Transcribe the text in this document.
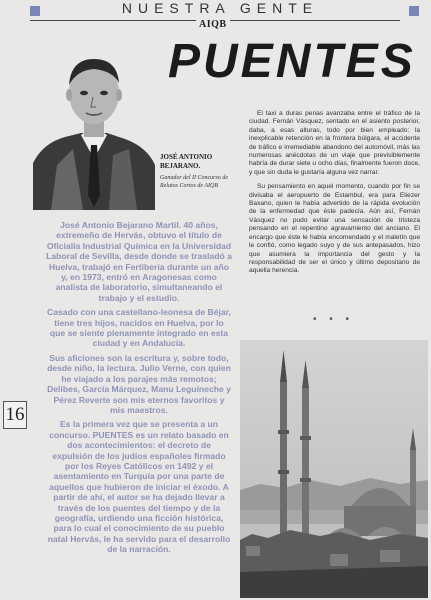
NUESTRA GENTE
AIQB
PUENTES
JOSÉ ANTONIO BEJARANO.
Ganador del II Concurso de Relatos Cortos de AIQB

José Antonio Bejarano Martil. 40 años, extremeño de Hervás, obtuvo el título de Oficialía Industrial Química en la Universidad Laboral de Sevilla, desde donde se trasladó a Huelva, trabajó en Fertiberia durante un año y, en 1973, entró en Aragonesas como analista de laboratorio, simultaneando el trabajo y el estudio.

Casado con una castellano-leonesa de Béjar, tiene tres hijos, nacidos en Huelva, por lo que se siente plenamente integrado en esta ciudad y en Andalucía.

Sus aficiones son la escritura y, sobre todo, desde niño, la lectura. Julio Verne, con quien he viajado a los parajes más remotos; Delibes, García Márquez, Manu Leguineche y Pérez Reverte son mis eternos favoritos y mis maestros.

Es la primera vez que se presenta a un concurso. PUENTES es un relato basado en dos acontecimientos: el decreto de expulsión de los judíos españoles firmado por los Reyes Católicos en 1492 y el asentamiento en Turquía por una parte de aquellos que hubieron de iniciar el éxodo. A partir de ahí, el autor se ha dejado llevar a través de los puentes del tiempo y de la geografía, urdiendo una ficción histórica, para lo cual el conocimiento de su pueblo natal Hervás, le ha servido para el desarrollo de la narración.

16

El taxi a duras penas avanzaba entre el tráfico de la ciudad. Fernán Vásquez, sentado en el asiento posterior, daba, a esas alturas, todo por bien empleado: la inexplicable retención en la frontera búlgara, el accidente de tráfico e irremediable abandono del automóvil, más las numerosas anécdotas de un viaje que previsiblemente habría de durar siete u ocho días, finalmente fueron doce, y que sin duda le gustaría alguna vez narrar.

Su pensamiento en aquel momento, cuando por fin se divisaba el aeropuerto de Estambul, era para Eliezer Baxano, quien le había advertido de la rápida evolución de la enfermedad que éste padecía. Aún así, Fernán Vásquez no pudo evitar una sensación de tristeza pensando en el repentino agravamiento del anciano. El encargo que éste le había encomendado y el maletín que le confió, como legado suyo y de sus antepasados, hizo que asumiera la importancia del gesto y la responsabilidad de ser el único y último depositario de aquella herencia.

• • •
